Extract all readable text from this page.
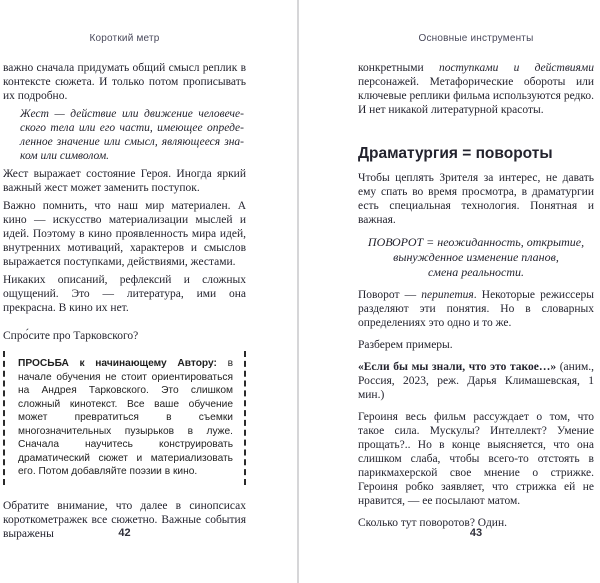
Короткий метр
важно сначала придумать общий смысл реплик в контексте сюжета. И только потом прописывать их подробно.
Жест — действие или движение человеческого тела или его части, имеющее определенное значение или смысл, являющееся знаком или символом.
Жест выражает состояние Героя. Иногда яркий важный жест может заменить поступок.
Важно помнить, что наш мир материален. А кино — искусство материализации мыслей и идей. Поэтому в кино проявленность мира идей, внутренних мотиваций, характеров и смыслов выражается поступками, действиями, жестами.
Никаких описаний, рефлексий и сложных ощущений. Это — литература, ими она прекрасна. В кино их нет.
Спро́сите про Тарковского?
ПРОСЬБА к начинающему Автору: в начале обучения не стоит ориентироваться на Андрея Тарковского. Это слишком сложный кинотекст. Все ваше обучение может превратиться в съемки многозначительных пузырьков в луже. Сначала научитесь конструировать драматический сюжет и материализовать его. Потом добавляйте поэзии в кино.
Обратите внимание, что далее в синопсисах короткометражек все сюжетно. Важные события выражены	42
Основные инструменты
конкретными поступками и действиями персонажей. Метафорические обороты или ключевые реплики фильма используются редко. И нет никакой литературной красоты.
Драматургия = повороты
Чтобы цеплять Зрителя за интерес, не давать ему спать во время просмотра, в драматургии есть специальная технология. Понятная и важная.
ПОВОРОТ = неожиданность, открытие,
вынужденное изменение планов,
смена реальности.
Поворот — перипетия. Некоторые режиссеры разделяют эти понятия. Но в словарных определениях это одно и то же.
Разберем примеры.
«Если бы мы знали, что это такое…» (аним., Россия, 2023, реж. Дарья Климашевская, 1 мин.)
Героиня весь фильм рассуждает о том, что такое сила. Мускулы? Интеллект? Умение прощать?.. Но в конце выясняется, что она слишком слаба, чтобы всего-то отстоять в парикмахерской свое мнение о стрижке. Героиня робко заявляет, что стрижка ей не нравится, — ее посылают матом.
Сколько тут поворотов? Один.
43
